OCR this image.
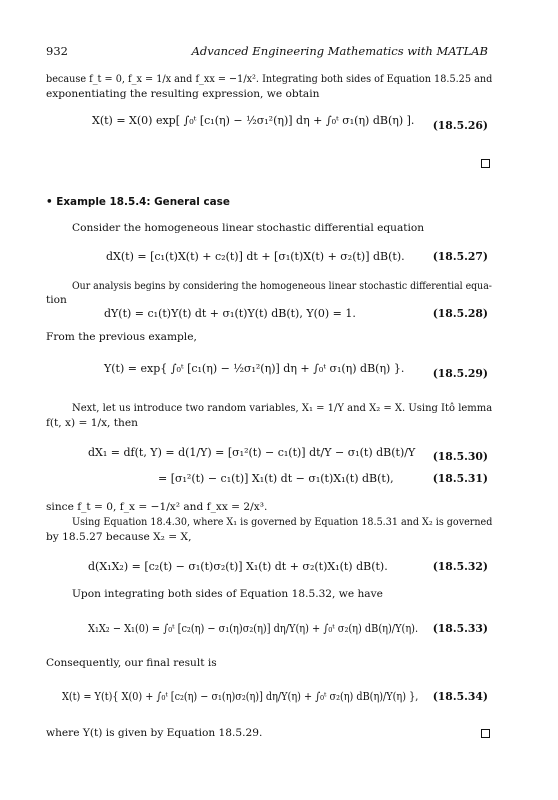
932	Advanced Engineering Mathematics with MATLAB
because f_t = 0, f_x = 1/x and f_xx = −1/x². Integrating both sides of Equation 18.5.25 and
exponentiating the resulting expression, we obtain
X(t) = X(0) exp[ ∫₀ᵗ [c₁(η) − ½σ₁²(η)] dη + ∫₀ᵗ σ₁(η) dB(η) ]. (18.5.26)
• Example 18.5.4: General case
Consider the homogeneous linear stochastic differential equation
dX(t) = [c₁(t)X(t) + c₂(t)] dt + [σ₁(t)X(t) + σ₂(t)] dB(t).	(18.5.27)
Our analysis begins by considering the homogeneous linear stochastic differential equa-
tion
dY(t) = c₁(t)Y(t) dt + σ₁(t)Y(t) dB(t), Y(0) = 1.	(18.5.28)
From the previous example,
Y(t) = exp{ ∫₀ᵗ [c₁(η) − ½σ₁²(η)] dη + ∫₀ᵗ σ₁(η) dB(η) }.	(18.5.29)
Next, let us introduce two random variables, X₁ = 1/Y and X₂ = X. Using Itô lemma
f(t, x) = 1/x, then
dX₁ = df(t, Y) = d(1/Y) = [σ₁²(t) − c₁(t)] dt/Y − σ₁(t) dB(t)/Y (18.5.30)
= [σ₁²(t) − c₁(t)] X₁(t) dt − σ₁(t)X₁(t) dB(t),	(18.5.31)
since f_t = 0, f_x = −1/x² and f_xx = 2/x³.
Using Equation 18.4.30, where X₁ is governed by Equation 18.5.31 and X₂ is governed
by 18.5.27 because X₂ = X,
d(X₁X₂) = [c₂(t) − σ₁(t)σ₂(t)] X₁(t) dt + σ₂(t)X₁(t) dB(t).	(18.5.32)
Upon integrating both sides of Equation 18.5.32, we have
X₁X₂ − X₁(0) = ∫₀ᵗ [c₂(η) − σ₁(η)σ₂(η)] dη/Y(η) + ∫₀ᵗ σ₂(η) dB(η)/Y(η). (18.5.33)
Consequently, our final result is
X(t) = Y(t){ X(0) + ∫₀ᵗ [c₂(η) − σ₁(η)σ₂(η)] dη/Y(η) + ∫₀ᵗ σ₂(η) dB(η)/Y(η) }, (18.5.34)
where Y(t) is given by Equation 18.5.29.
